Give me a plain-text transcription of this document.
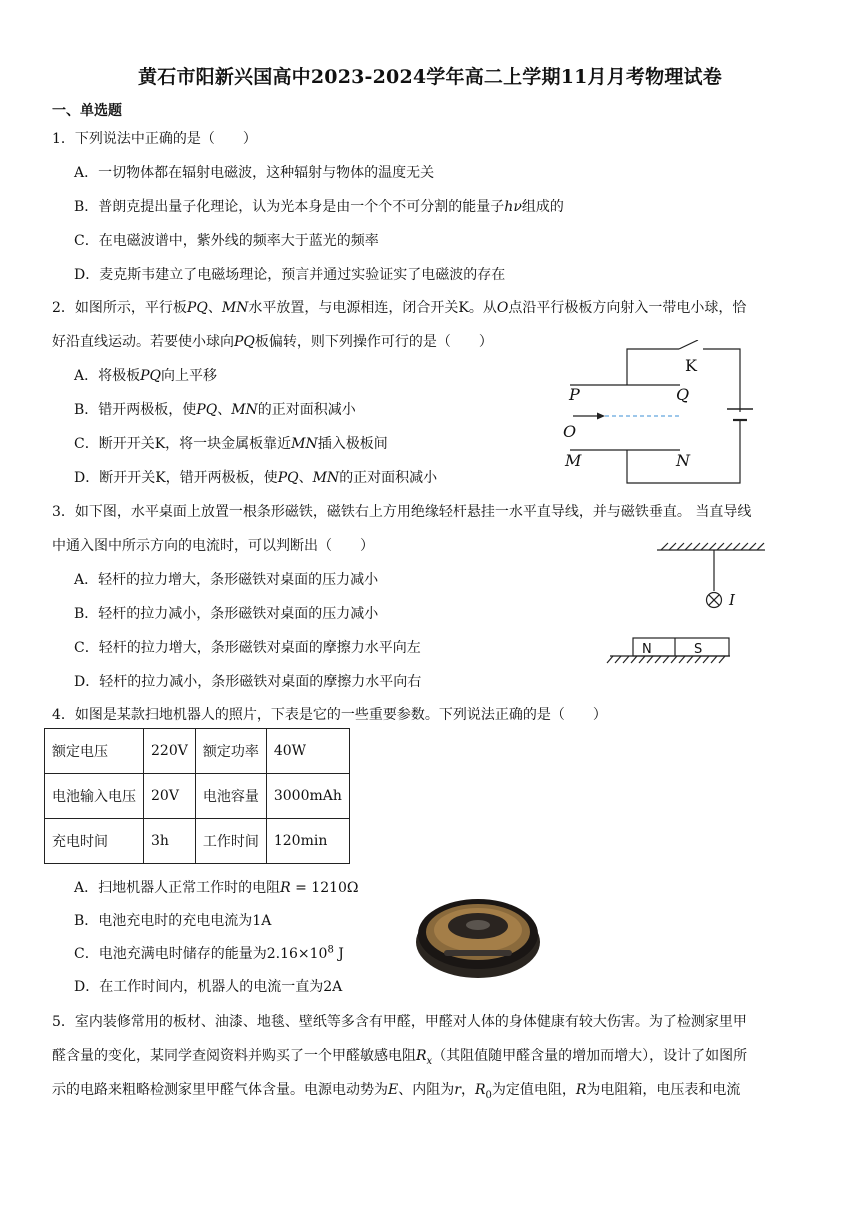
黄石市阳新兴国高中2023-2024学年高二上学期11月月考物理试卷
一、单选题
1．下列说法中正确的是（　　）
A．一切物体都在辐射电磁波，这种辐射与物体的温度无关
B．普朗克提出量子化理论，认为光本身是由一个个不可分割的能量子hν组成的
C．在电磁波谱中，紫外线的频率大于蓝光的频率
D．麦克斯韦建立了电磁场理论，预言并通过实验证实了电磁波的存在
2．如图所示，平行板PQ、MN水平放置，与电源相连，闭合开关K。从O点沿平行极板方向射入一带电小球，恰
好沿直线运动。若要使小球向PQ板偏转，则下列操作可行的是（　　）
A．将极板PQ向上平移
B．错开两极板，使PQ、MN的正对面积减小
C．断开开关K，将一块金属板靠近MN插入极板间
D．断开开关K，错开两极板，使PQ、MN的正对面积减小
K
P	Q
O
M	N
3．如下图，水平桌面上放置一根条形磁铁，磁铁右上方用绝缘轻杆悬挂一水平直导线，并与磁铁垂直。 当直导线
中通入图中所示方向的电流时，可以判断出（　　）
A．轻杆的拉力增大，条形磁铁对桌面的压力减小
B．轻杆的拉力减小，条形磁铁对桌面的压力减小
C．轻杆的拉力增大，条形磁铁对桌面的摩擦力水平向左
D．轻杆的拉力减小，条形磁铁对桌面的摩擦力水平向右
I
N	S
4．如图是某款扫地机器人的照片，下表是它的一些重要参数。下列说法正确的是（　　）
额定电压	220V	额定功率	40W
电池输入电压	20V	电池容量	3000mAh
充电时间	3h	工作时间	120min
A．扫地机器人正常工作时的电阻R = 1210Ω
B．电池充电时的充电电流为1A
C．电池充满电时储存的能量为$2.16\times 10^8$ J
D．在工作时间内，机器人的电流一直为2A
5．室内装修常用的板材、油漆、地毯、壁纸等多含有甲醛，甲醛对人体的身体健康有较大伤害。为了检测家里甲
醛含量的变化，某同学查阅资料并购买了一个甲醛敏感电阻$R_x$（其阻值随甲醛含量的增加而增大），设计了如图所
示的电路来粗略检测家里甲醛气体含量。电源电动势为E、内阻为r，$R_0$为定值电阻，R为电阻箱，电压表和电流
